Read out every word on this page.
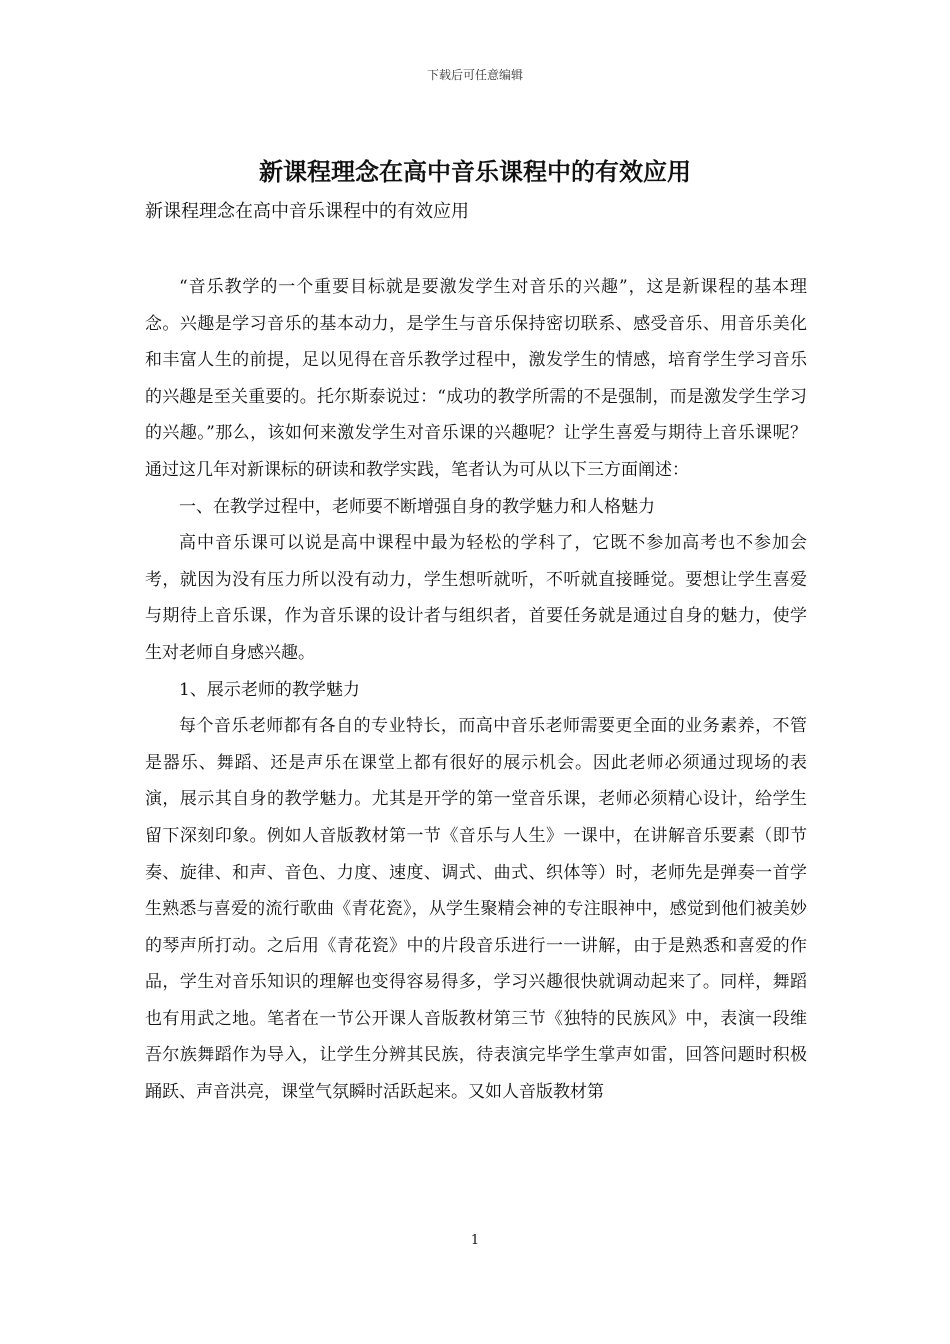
下载后可任意编辑
新课程理念在高中音乐课程中的有效应用
新课程理念在高中音乐课程中的有效应用

“音乐教学的一个重要目标就是要激发学生对音乐的兴趣”，这是新课程的基本理念。兴趣是学习音乐的基本动力，是学生与音乐保持密切联系、感受音乐、用音乐美化和丰富人生的前提，足以见得在音乐教学过程中，激发学生的情感，培育学生学习音乐的兴趣是至关重要的。托尔斯泰说过：“成功的教学所需的不是强制，而是激发学生学习的兴趣。”那么，该如何来激发学生对音乐课的兴趣呢？让学生喜爱与期待上音乐课呢？通过这几年对新课标的研读和教学实践，笔者认为可从以下三方面阐述：

一、在教学过程中，老师要不断增强自身的教学魅力和人格魅力

高中音乐课可以说是高中课程中最为轻松的学科了，它既不参加高考也不参加会考，就因为没有压力所以没有动力，学生想听就听，不听就直接睡觉。要想让学生喜爱与期待上音乐课，作为音乐课的设计者与组织者，首要任务就是通过自身的魅力，使学生对老师自身感兴趣。

1、展示老师的教学魅力

每个音乐老师都有各自的专业特长，而高中音乐老师需要更全面的业务素养，不管是器乐、舞蹈、还是声乐在课堂上都有很好的展示机会。因此老师必须通过现场的表演，展示其自身的教学魅力。尤其是开学的第一堂音乐课，老师必须精心设计，给学生留下深刻印象。例如人音版教材第一节《音乐与人生》一课中，在讲解音乐要素（即节奏、旋律、和声、音色、力度、速度、调式、曲式、织体等）时，老师先是弹奏一首学生熟悉与喜爱的流行歌曲《青花瓷》，从学生聚精会神的专注眼神中，感觉到他们被美妙的琴声所打动。之后用《青花瓷》中的片段音乐进行一一讲解，由于是熟悉和喜爱的作品，学生对音乐知识的理解也变得容易得多，学习兴趣很快就调动起来了。同样，舞蹈也有用武之地。笔者在一节公开课人音版教材第三节《独特的民族风》中，表演一段维吾尔族舞蹈作为导入，让学生分辨其民族，待表演完毕学生掌声如雷，回答问题时积极踊跃、声音洪亮，课堂气氛瞬时活跃起来。又如人音版教材第

1
